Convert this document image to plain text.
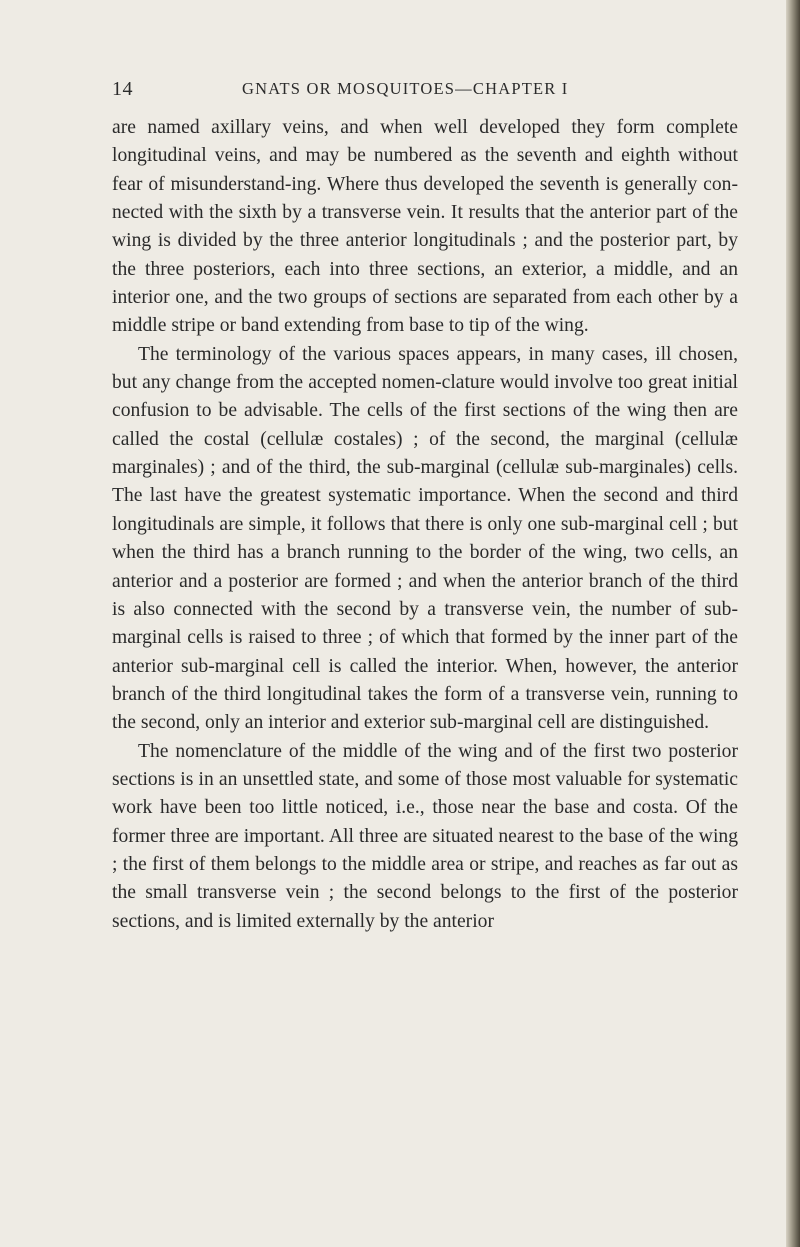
14	GNATS OR MOSQUITOES—CHAPTER I

are named axillary veins, and when well developed they form complete longitudinal veins, and may be numbered as the seventh and eighth without fear of misunderstand-ing. Where thus developed the seventh is generally con-nected with the sixth by a transverse vein. It results that the anterior part of the wing is divided by the three anterior longitudinals ; and the posterior part, by the three posteriors, each into three sections, an exterior, a middle, and an interior one, and the two groups of sections are separated from each other by a middle stripe or band extending from base to tip of the wing.

The terminology of the various spaces appears, in many cases, ill chosen, but any change from the accepted nomen-clature would involve too great initial confusion to be advisable. The cells of the first sections of the wing then are called the costal (cellulæ costales) ; of the second, the marginal (cellulæ marginales) ; and of the third, the sub-marginal (cellulæ sub-marginales) cells. The last have the greatest systematic importance. When the second and third longitudinals are simple, it follows that there is only one sub-marginal cell ; but when the third has a branch running to the border of the wing, two cells, an anterior and a posterior are formed ; and when the anterior branch of the third is also connected with the second by a transverse vein, the number of sub-marginal cells is raised to three ; of which that formed by the inner part of the anterior sub-marginal cell is called the interior. When, however, the anterior branch of the third longitudinal takes the form of a transverse vein, running to the second, only an interior and exterior sub-marginal cell are distinguished.

The nomenclature of the middle of the wing and of the first two posterior sections is in an unsettled state, and some of those most valuable for systematic work have been too little noticed, i.e., those near the base and costa. Of the former three are important. All three are situated nearest to the base of the wing ; the first of them belongs to the middle area or stripe, and reaches as far out as the small transverse vein ; the second belongs to the first of the posterior sections, and is limited externally by the anterior
